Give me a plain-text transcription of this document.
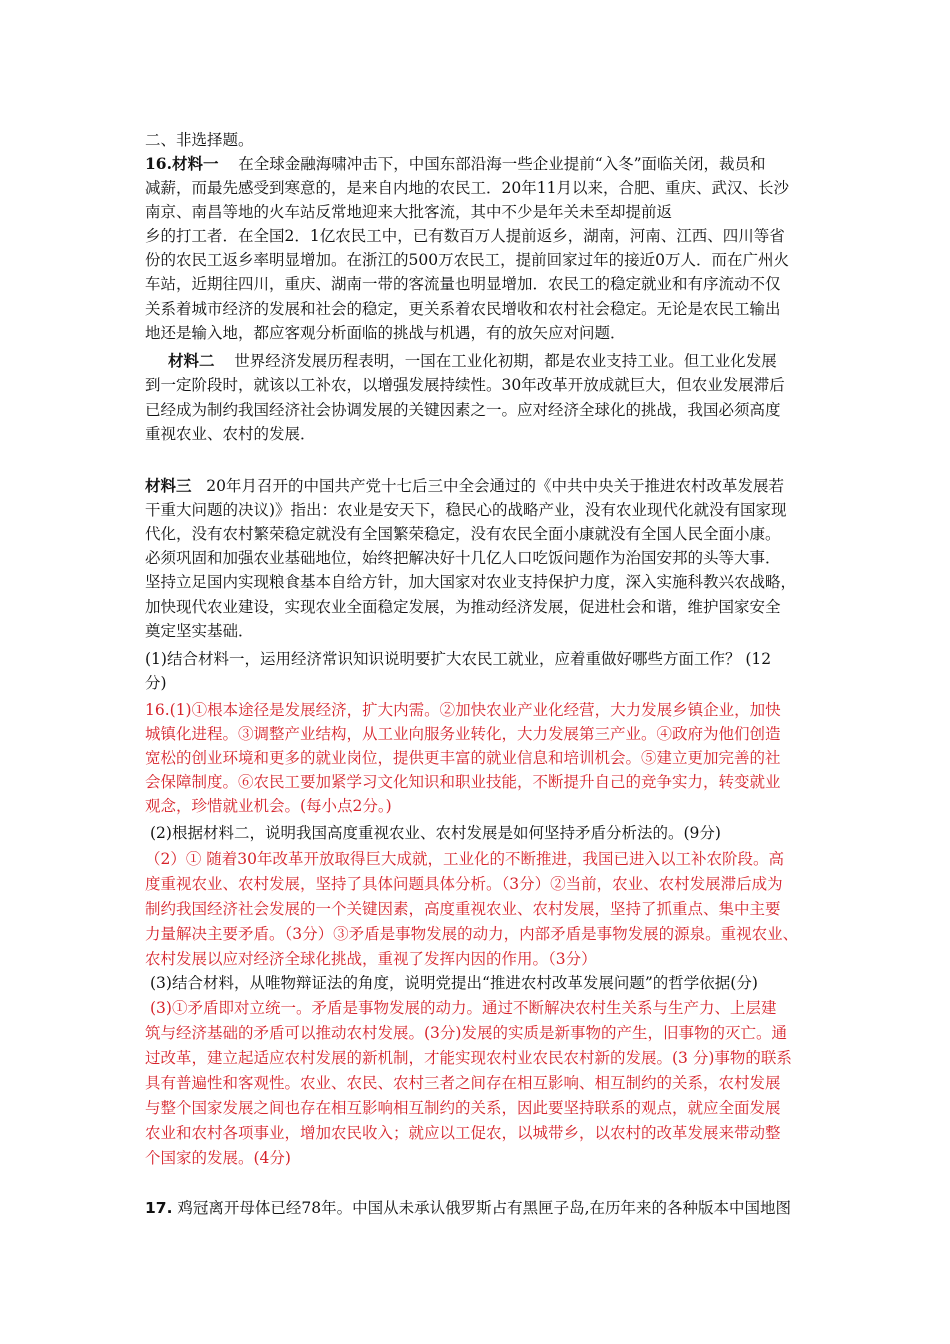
二、非选择题。
16.材料一 在全球金融海啸冲击下，中国东部沿海一些企业提前“入冬”面临关闭，裁员和
减薪，而最先感受到寒意的，是来自内地的农民工．20年11月以来，合肥、重庆、武汉、长沙
南京、南昌等地的火车站反常地迎来大批客流，其中不少是年关未至却提前返
乡的打工者．在全国2．1亿农民工中，已有数百万人提前返乡，湖南，河南、江西、四川等省
份的农民工返乡率明显增加。在浙江的500万农民工，提前回家过年的接近0万人．而在广州火
车站，近期往四川，重庆、湖南一带的客流量也明显增加．农民工的稳定就业和有序流动不仅
关系着城市经济的发展和社会的稳定，更关系着农民增收和农村社会稳定。无论是农民工输出
地还是输入地，都应客观分析面临的挑战与机遇，有的放矢应对问题．
材料二 世界经济发展历程表明，一国在工业化初期，都是农业支持工业。但工业化发展
到一定阶段时，就该以工补农，以增强发展持续性。30年改革开放成就巨大，但农业发展滞后
已经成为制约我国经济社会协调发展的关键因素之一。应对经济全球化的挑战，我国必须高度
重视农业、农村的发展．
材料三 20年月召开的中国共产党十七后三中全会通过的《中共中央关于推进农村改革发展若
干重大问题的决议)》指出：农业是安天下，稳民心的战略产业，没有农业现代化就没有国家现
代化，没有农村繁荣稳定就没有全国繁荣稳定，没有农民全面小康就没有全国人民全面小康。
必须巩固和加强农业基础地位，始终把解决好十几亿人口吃饭问题作为治国安邦的头等大事．
坚持立足国内实现粮食基本自给方针，加大国家对农业支持保护力度，深入实施科教兴农战略，
加快现代农业建设，实现农业全面稳定发展，为推动经济发展，促进杜会和谐，维护国家安全
奠定坚实基础．
(1)结合材料一，运用经济常识知识说明要扩大农民工就业，应着重做好哪些方面工作？ (12
分)
16.(1)①根本途径是发展经济，扩大内需。②加快农业产业化经营，大力发展乡镇企业，加快
城镇化进程。③调整产业结构，从工业向服务业转化，大力发展第三产业。④政府为他们创造
宽松的创业环境和更多的就业岗位，提供更丰富的就业信息和培训机会。⑤建立更加完善的社
会保障制度。⑥农民工要加紧学习文化知识和职业技能，不断提升自己的竞争实力，转变就业
观念，珍惜就业机会。(每小点2分。)
(2)根据材料二，说明我国高度重视农业、农村发展是如何坚持矛盾分析法的。(9分)
（2）① 随着30年改革开放取得巨大成就，工业化的不断推进，我国已进入以工补农阶段。高
度重视农业、农村发展，坚持了具体问题具体分析。（3分）②当前，农业、农村发展滞后成为
制约我国经济社会发展的一个关键因素，高度重视农业、农村发展，坚持了抓重点、集中主要
力量解决主要矛盾。（3分）③矛盾是事物发展的动力，内部矛盾是事物发展的源泉。重视农业、
农村发展以应对经济全球化挑战，重视了发挥内因的作用。（3分）
(3)结合材料，从唯物辩证法的角度，说明党提出“推进农村改革发展问题”的哲学依据(分)
(3)①矛盾即对立统一。矛盾是事物发展的动力。通过不断解决农村生关系与生产力、上层建
筑与经济基础的矛盾可以推动农村发展。(3分)发展的实质是新事物的产生，旧事物的灭亡。通
过改革，建立起适应农村发展的新机制，才能实现农村业农民农村新的发展。(3 分)事物的联系
具有普遍性和客观性。农业、农民、农村三者之间存在相互影响、相互制约的关系，农村发展
与整个国家发展之间也存在相互影响相互制约的关系，因此要坚持联系的观点，就应全面发展
农业和农村各项事业，增加农民收入；就应以工促农，以城带乡，以农村的改革发展来带动整
个国家的发展。(4分)
17. 鸡冠离开母体已经78年。中国从未承认俄罗斯占有黑匣子岛,在历年来的各种版本中国地图
